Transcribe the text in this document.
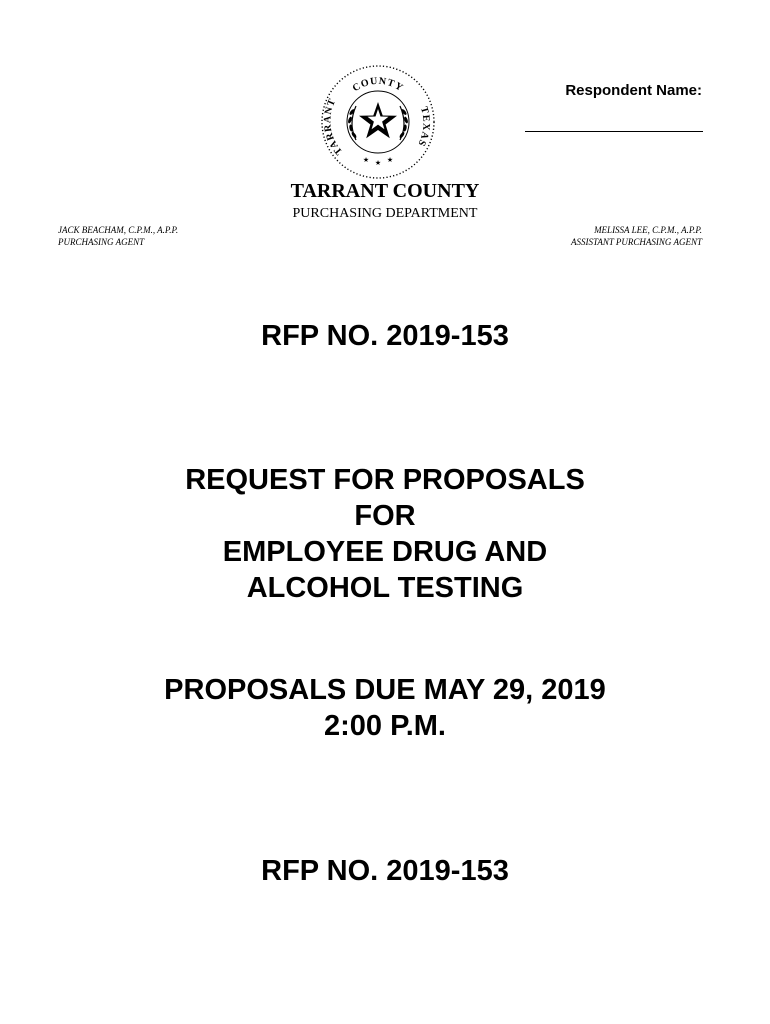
COUNTY
TARRANT
TEXAS
★ ★ ★
Respondent Name:
TARRANT COUNTY
PURCHASING DEPARTMENT
JACK BEACHAM, C.P.M., A.P.P.
PURCHASING AGENT
MELISSA LEE, C.P.M., A.P.P.
ASSISTANT PURCHASING AGENT
RFP NO. 2019-153
REQUEST FOR PROPOSALS
FOR
EMPLOYEE DRUG AND
ALCOHOL TESTING
PROPOSALS DUE MAY 29, 2019
2:00 P.M.
RFP NO. 2019-153
